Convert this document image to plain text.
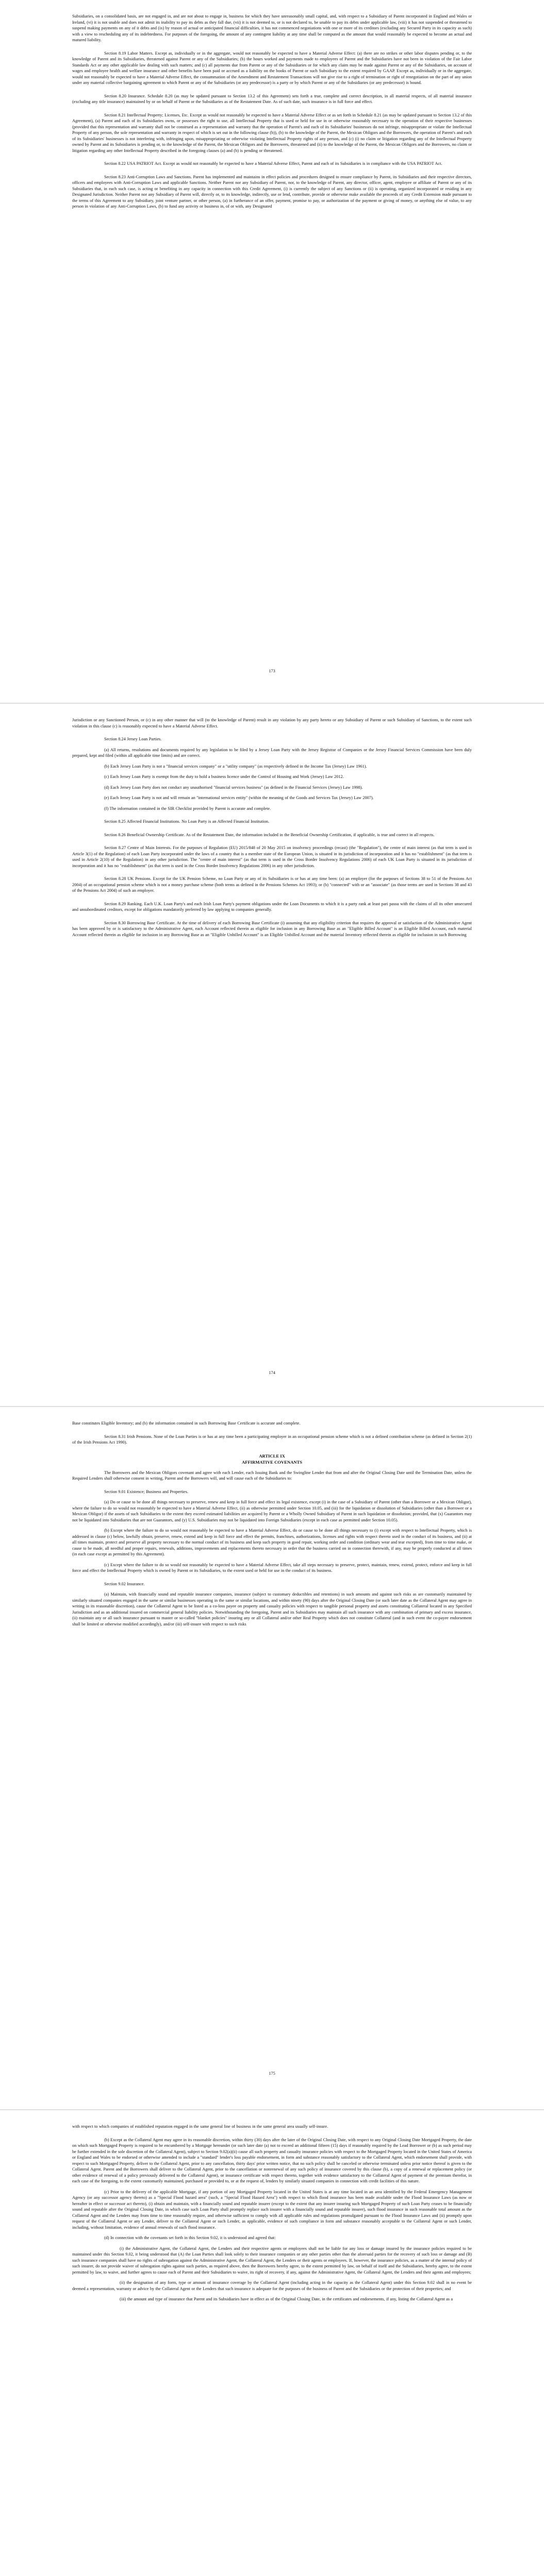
Subsidiaries, on a consolidated basis, are not engaged in, and are not about to engage in, business for which they have unreasonably small capital, and, with respect to a Subsidiary of Parent incorporated in England and Wales or Ireland, (vi) it is not unable and does not admit its inability to pay its debts as they fall due, (vii) it is not deemed to, or is not declared to, be unable to pay its debts under applicable law, (viii) it has not suspended or threatened to suspend making payments on any of it debts and (ix) by reason of actual or anticipated financial difficulties, it has not commenced negotiations with one or more of its creditors (excluding any Secured Party in its capacity as such) with a view to rescheduling any of its indebtedness. For purposes of the foregoing, the amount of any contingent liability at any time shall be computed as the amount that would reasonably be expected to become an actual and matured liability.

Section 8.19 Labor Matters. Except as, individually or in the aggregate, would not reasonably be expected to have a Material Adverse Effect: (a) there are no strikes or other labor disputes pending or, to the knowledge of Parent and its Subsidiaries, threatened against Parent or any of the Subsidiaries; (b) the hours worked and payments made to employees of Parent and the Subsidiaries have not been in violation of the Fair Labor Standards Act or any other applicable law dealing with such matters; and (c) all payments due from Parent or any of the Subsidiaries or for which any claim may be made against Parent or any of the Subsidiaries, on account of wages and employee health and welfare insurance and other benefits have been paid or accrued as a liability on the books of Parent or such Subsidiary to the extent required by GAAP. Except as, individually or in the aggregate, would not reasonably be expected to have a Material Adverse Effect, the consummation of the Amendment and Restatement Transactions will not give rise to a right of termination or right of renegotiation on the part of any union under any material collective bargaining agreement to which Parent or any of the Subsidiaries (or any predecessor) is a party or by which Parent or any of the Subsidiaries (or any predecessor) is bound.

Section 8.20 Insurance. Schedule 8.20 (as may be updated pursuant to Section 13.2 of this Agreement) sets forth a true, complete and correct description, in all material respects, of all material insurance (excluding any title insurance) maintained by or on behalf of Parent or the Subsidiaries as of the Restatement Date. As of such date, such insurance is in full force and effect.

Section 8.21 Intellectual Property; Licenses, Etc. Except as would not reasonably be expected to have a Material Adverse Effect or as set forth in Schedule 8.21 (as may be updated pursuant to Section 13.2 of this Agreement), (a) Parent and each of its Subsidiaries owns, or possesses the right to use, all Intellectual Property that is used or held for use in or otherwise reasonably necessary to the operation of their respective businesses (provided that this representation and warranty shall not be construed as a representation and warranty that the operation of Parent's and each of its Subsidiaries' businesses do not infringe, misappropriate or violate the Intellectual Property of any person, the sole representation and warranty in respect of which is set out in the following clause (b)), (b) to the knowledge of the Parent, the Mexican Obligors and the Borrowers, the operation of Parent's and each of its Subsidiaries' businesses is not interfering with, infringing upon, misappropriating or otherwise violating Intellectual Property rights of any person, and (c) (i) no claim or litigation regarding any of the Intellectual Property owned by Parent and its Subsidiaries is pending or, to the knowledge of the Parent, the Mexican Obligors and the Borrowers, threatened and (ii) to the knowledge of the Parent, the Mexican Obligors and the Borrowers, no claim or litigation regarding any other Intellectual Property described in the foregoing clauses (a) and (b) is pending or threatened.

Section 8.22 USA PATRIOT Act. Except as would not reasonably be expected to have a Material Adverse Effect, Parent and each of its Subsidiaries is in compliance with the USA PATRIOT Act.

Section 8.23 Anti-Corruption Laws and Sanctions. Parent has implemented and maintains in effect policies and procedures designed to ensure compliance by Parent, its Subsidiaries and their respective directors, officers and employees with Anti-Corruption Laws and applicable Sanctions. Neither Parent nor any Subsidiary of Parent, nor, to the knowledge of Parent, any director, officer, agent, employee or affiliate of Parent or any of its Subsidiaries that, in each such case, is acting or benefiting in any capacity in connection with this Credit Agreement, (i) is currently the subject of any Sanctions or (ii) is operating, organized incorporated or residing in any Designated Jurisdiction. Neither Parent nor any Subsidiary of Parent will, directly or, to its knowledge, indirectly, use or lend, contribute, provide or otherwise make available the proceeds of any Credit Extension made pursuant to the terms of this Agreement to any Subsidiary, joint venture partner, or other person, (a) in furtherance of an offer, payment, promise to pay, or authorization of the payment or giving of money, or anything else of value, to any person in violation of any Anti-Corruption Laws, (b) to fund any activity or business in, of or with, any Designated

173

Jurisdiction or any Sanctioned Person, or (c) in any other manner that will (to the knowledge of Parent) result in any violation by any party hereto or any Subsidiary of Parent or such Subsidiary of Sanctions, to the extent such violation in this clause (c) is reasonably expected to have a Material Adverse Effect.

Section 8.24 Jersey Loan Parties.

(a) All returns, resolutions and documents required by any legislation to be filed by a Jersey Loan Party with the Jersey Registrar of Companies or the Jersey Financial Services Commission have been duly prepared, kept and filed (within all applicable time limits) and are correct.

(b) Each Jersey Loan Party is not a "financial services company" or a "utility company" (as respectively defined in the Income Tax (Jersey) Law 1961).

(c) Each Jersey Loan Party is exempt from the duty to hold a business licence under the Control of Housing and Work (Jersey) Law 2012.

(d) Each Jersey Loan Party does not conduct any unauthorised "financial services business" (as defined in the Financial Services (Jersey) Law 1998).

(e) Each Jersey Loan Party is not and will remain an "international services entity" (within the meaning of the Goods and Services Tax (Jersey) Law 2007).

(f) The information contained in the SIR Checklist provided by Parent is accurate and complete.

Section 8.25 Affected Financial Institutions. No Loan Party is an Affected Financial Institution.

Section 8.26 Beneficial Ownership Certificate. As of the Restatement Date, the information included in the Beneficial Ownership Certification, if applicable, is true and correct in all respects.

Section 8.27 Centre of Main Interests. For the purposes of Regulation (EU) 2015/848 of 20 May 2015 on insolvency proceedings (recast) (the "Regulation"), the centre of main interest (as that term is used in Article 3(1) of the Regulation) of each Loan Party incorporated under the laws of a country that is a member state of the European Union, is situated in its jurisdiction of incorporation and it has no "establishment" (as that term is used in Article 2(10) of the Regulation) in any other jurisdiction. The "centre of main interest" (as that term is used in the Cross Border Insolvency Regulations 2006) of each UK Loan Party is situated in its jurisdiction of incorporation and it has no "establishment" (as that term is used in the Cross Border Insolvency Regulations 2006) in any other jurisdiction.

Section 8.28 UK Pensions. Except for the UK Pension Scheme, no Loan Party or any of its Subsidiaries is or has at any time been: (a) an employer (for the purposes of Sections 38 to 51 of the Pensions Act 2004) of an occupational pension scheme which is not a money purchase scheme (both terms as defined in the Pensions Schemes Act 1993); or (b) "connected" with or an "associate" (as those terms are used in Sections 38 and 43 of the Pensions Act 2004) of such an employer.

Section 8.29 Ranking. Each U.K. Loan Party's and each Irish Loan Party's payment obligations under the Loan Documents to which it is a party rank at least pari passu with the claims of all its other unsecured and unsubordinated creditors, except for obligations mandatorily preferred by law applying to companies generally.

Section 8.30 Borrowing Base Certificate. At the time of delivery of each Borrowing Base Certificate (i) assuming that any eligibility criterion that requires the approval or satisfaction of the Administrative Agent has been approved by or is satisfactory to the Administrative Agent, each Account reflected therein as eligible for inclusion in any Borrowing Base as an "Eligible Billed Account" is an Eligible Billed Account, each material Account reflected therein as eligible for inclusion in any Borrowing Base as an "Eligible Unbilled Account" is an Eligible Unbilled Account and the material Inventory reflected therein as eligible for inclusion in such Borrowing

174

Base constitutes Eligible Inventory; and (b) the information contained in such Borrowing Base Certificate is accurate and complete.

Section 8.31 Irish Pensions. None of the Loan Parties is or has at any time been a participating employer in an occupational pension scheme which is not a defined contribution scheme (as defined in Section 2(1) of the Irish Pensions Act 1990).

ARTICLE IX
AFFIRMATIVE COVENANTS

The Borrowers and the Mexican Obligors covenant and agree with each Lender, each Issuing Bank and the Swingline Lender that from and after the Original Closing Date until the Termination Date, unless the Required Lenders shall otherwise consent in writing, Parent and the Borrowers will, and will cause each of the Subsidiaries to:

Section 9.01 Existence; Business and Properties.

(a) Do or cause to be done all things necessary to preserve, renew and keep in full force and effect its legal existence, except (i) in the case of a Subsidiary of Parent (other than a Borrower or a Mexican Obligor), where the failure to do so would not reasonably be expected to have a Material Adverse Effect, (ii) as otherwise permitted under Section 10.05, and (iii) for the liquidation or dissolution of Subsidiaries (other than a Borrower or a Mexican Obligor) if the assets of such Subsidiaries to the extent they exceed estimated liabilities are acquired by Parent or a Wholly Owned Subsidiary of Parent in such liquidation or dissolution; provided, that (x) Guarantors may not be liquidated into Subsidiaries that are not Guarantors, and (y) U.S. Subsidiaries may not be liquidated into Foreign Subsidiaries (except in each case as permitted under Section 10.05).

(b) Except where the failure to do so would not reasonably be expected to have a Material Adverse Effect, do or cause to be done all things necessary to (i) except with respect to Intellectual Property, which is addressed in clause (c) below, lawfully obtain, preserve, renew, extend and keep in full force and effect the permits, franchises, authorizations, licenses and rights with respect thereto used in the conduct of its business, and (ii) at all times maintain, protect and preserve all property necessary to the normal conduct of its business and keep such property in good repair, working order and condition (ordinary wear and tear excepted), from time to time make, or cause to be made, all needful and proper repairs, renewals, additions, improvements and replacements thereto necessary in order that the business carried on in connection therewith, if any, may be properly conducted at all times (in each case except as permitted by this Agreement).

(c) Except where the failure to do so would not reasonably be expected to have a Material Adverse Effect, take all steps necessary to preserve, protect, maintain, renew, extend, protect, enforce and keep in full force and effect the Intellectual Property which is owned by Parent or its Subsidiaries, to the extent used or held for use in the conduct of its business.

Section 9.02 Insurance.

(a) Maintain, with financially sound and reputable insurance companies, insurance (subject to customary deductibles and retentions) in such amounts and against such risks as are customarily maintained by similarly situated companies engaged in the same or similar businesses operating in the same or similar locations, and within ninety (90) days after the Original Closing Date (or such later date as the Collateral Agent may agree in writing in its reasonable discretion), cause the Collateral Agent to be listed as a co-loss payee on property and casualty policies with respect to tangible personal property and assets constituting Collateral located in any Specified Jurisdiction and as an additional insured on commercial general liability policies. Notwithstanding the foregoing, Parent and its Subsidiaries may maintain all such insurance with any combination of primary and excess insurance, (ii) maintain any or all such insurance pursuant to master or so-called "blanket policies" insuring any or all Collateral and/or other Real Property which does not constitute Collateral (and in such event the co-payee endorsement shall be limited or otherwise modified accordingly), and/or (iii) self-insure with respect to such risks

175

with respect to which companies of established reputation engaged in the same general line of business in the same general area usually self-insure.

(b) Except as the Collateral Agent may agree in its reasonable discretion, within thirty (30) days after the later of the Original Closing Date, with respect to any Original Closing Date Mortgaged Property, the date on which such Mortgaged Property is required to be encumbered by a Mortgage hereunder (or such later date (a) not to exceed an additional fifteen (15) days if reasonably required by the Lead Borrower or (b) as such period may be further extended in the sole discretion of the Collateral Agent), subject to Section 9.02(a)(ii) cause all such property and casualty insurance policies with respect to the Mortgaged Property located in the United States of America or England and Wales to be endorsed or otherwise amended to include a "standard" lender's loss payable endorsement, in form and substance reasonably satisfactory to the Collateral Agent, which endorsement shall provide, with respect to such Mortgaged Property, deliver to the Collateral Agent, prior to any cancellation, thirty days' prior written notice, that no such policy shall be canceled or otherwise terminated unless prior notice thereof is given to the Collateral Agent. Parent and the Borrowers shall deliver to the Collateral Agent, prior to the cancellation or nonrenewal of any such policy of insurance covered by this clause (b), a copy of a renewal or replacement policy (or other evidence of renewal of a policy previously delivered to the Collateral Agent), or insurance certificate with respect thereto, together with evidence satisfactory to the Collateral Agent of payment of the premium therefor, in each case of the foregoing, to the extent customarily maintained, purchased or provided to, or at the request of, lenders by similarly situated companies in connection with credit facilities of this nature.

(c) Prior to the delivery of the applicable Mortgage, if any portion of any Mortgaged Property located in the United States is at any time located in an area identified by the Federal Emergency Management Agency (or any successor agency thereto) as a "Special Flood hazard area" (such, a "Special Flood Hazard Area") with respect to which flood insurance has been made available under the Flood Insurance Laws (as now or hereafter in effect or successor act thereto), (i) obtain and maintain, with a financially sound and reputable insurer (except to the extent that any insurer insuring such Mortgaged Property of such Loan Party ceases to be financially sound and reputable after the Original Closing Date, in which case such Loan Party shall promptly replace such insurer with a financially sound and reputable insurer), such flood insurance in such reasonable total amount as the Collateral Agent and the Lenders may from time to time reasonably require, and otherwise sufficient to comply with all applicable rules and regulations promulgated pursuant to the Flood Insurance Laws and (ii) promptly upon request of the Collateral Agent or any Lender, deliver to the Collateral Agent or such Lender, as applicable, evidence of such compliance in form and substance reasonably acceptable to the Collateral Agent or such Lender, including, without limitation, evidence of annual renewals of such flood insurance.

(d) In connection with the covenants set forth in this Section 9.02, it is understood and agreed that:

(i) the Administrative Agent, the Collateral Agent, the Lenders and their respective agents or employees shall not be liable for any loss or damage insured by the insurance policies required to be maintained under this Section 9.02, it being understood that (A) the Loan Parties shall look solely to their insurance companies or any other parties other than the aforesaid parties for the recovery of such loss or damage and (B) such insurance companies shall have no rights of subrogation against the Administrative Agent, the Collateral Agent, the Lenders or their agents or employees. If, however, the insurance policies, as a matter of the internal policy of such insurer, do not provide waiver of subrogation rights against such parties, as required above, then the Borrowers hereby agree, to the extent permitted by law, on behalf of itself and the Subsidiaries, hereby agree, to the extent permitted by law, to waive, and further agrees to cause each of Parent and their Subsidiaries to waive, its right of recovery, if any, against the Administrative Agent, the Collateral Agent, the Lenders and their agents and employees;

(ii) the designation of any form, type or amount of insurance coverage by the Collateral Agent (including acting in the capacity as the Collateral Agent) under this Section 9.02 shall in no event be deemed a representation, warranty or advice by the Collateral Agent or the Lenders that such insurance is adequate for the purposes of the business of Parent and the Subsidiaries or the protection of their properties; and

(iii) the amount and type of insurance that Parent and its Subsidiaries have in effect as of the Original Closing Date, in the certificates and endorsements, if any, listing the Collateral Agent as a
